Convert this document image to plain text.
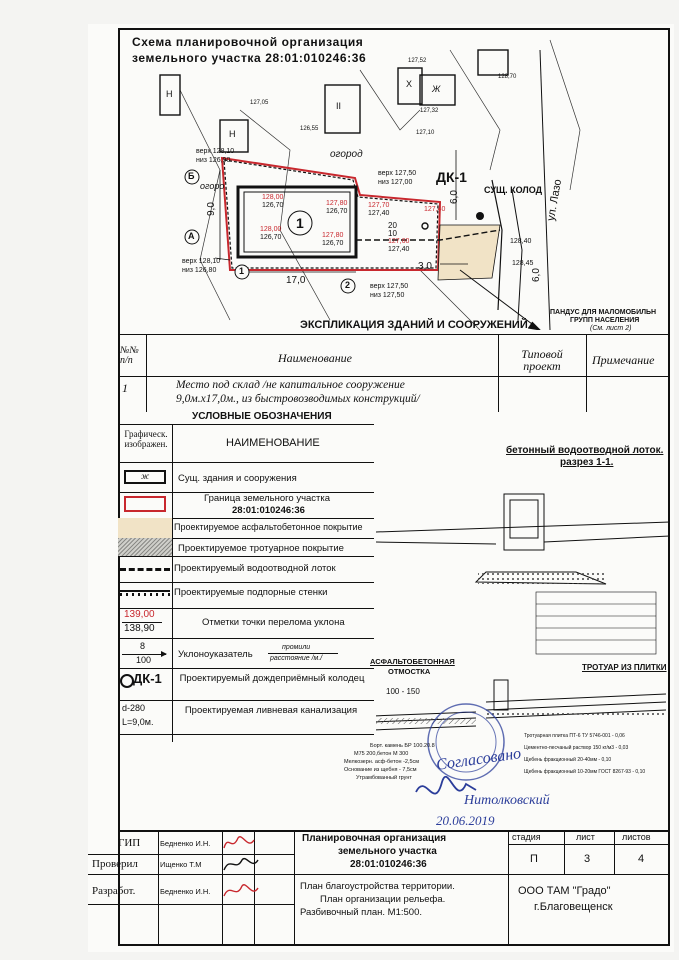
Схема планировочной организация
земельного участка 28:01:010246:36
Б
А
1
2
1
Н
Н
II
Х Ж
огород
огоро
ДК-1
СУЩ. КОЛОД ул. Лазо
ПАНДУС ДЛЯ МАЛОМОБИЛЬН
ГРУПП НАСЕЛЕНИЯ
(См. лист 2)
верх 128,10
низ 126,90
верх 127,50
низ 127,00
верх 128,10
низ 126,80
верх 127,50
низ 127,50
128,00
126,70	127,80
126,70
127,70
127,40
128,00
126,70	127,80
126,70	127,60
127,40
127,40
128,40
127,32
127,52
128,70
127,10
126,55
127,05
128,45
17,0
9,0
6,0
6,0
3,0
20
10
ЭКСПЛИКАЦИЯ ЗДАНИЙ И СООРУЖЕНИЙ
№№ п/п	Наименование	Типовой проект	Примечание
1	Место под склад /не капитальное сооружение
9,0м.х17,0м., из быстровозводимых конструкций/
УСЛОВНЫЕ ОБОЗНАЧЕНИЯ
Графическ. изображен.	НАИМЕНОВАНИЕ
ж	Сущ. здания и сооружения
Граница земельного участка
28:01:010246:36
Проектируемое асфальтобетонное покрытие
Проектируемое тротуарное покрытие
Проектируемый водоотводной лоток
Проектируемые подпорные стенки
139,00
138,90
Отметки точки перелома уклона
8
100	Уклоноуказатель
промили
расстояние /м./
ДК-1	Проектируемый дождеприёмный колодец
d-280
L=9,0м.
Проектируемая ливневая канализация
бетонный водоотводной лоток.
разрез 1-1.
АСФАЛЬТОБЕТОННАЯ
ОТМОСТКА
100 - 150
ТРОТУАР ИЗ ПЛИТКИ
Борт. камень БР 100.20.8
М75 200,бетон М 300
Мелкозерн. асф-бетон -2,5см
Основание из щебня - 7,5см
Утрамбованный грунт
Тротуарная плитка ПТ-6 ТУ 5746-001 - 0,06
Цементно-песчаный раствор 150 кг/м3 - 0,03
Щебень фракционный 20-40мм - 0,10
Щебень фракционный 10-20мм ГОСТ 8267-93 - 0,10
Согласовано
Нитолковский
20.06.2019
Планировочная организация
земельного участка
28:01:010246:36
План благоустройства территории.
План организации рельефа.
Разбивочный план. М1:500.
стадия	лист	листов
П	3	4
ООО ТАМ "Градо"
г.Благовещенск
ГИП	Бедненко И.Н.
Проверил	Ищенко Т.М
Разработ.	Бедненко И.Н.
